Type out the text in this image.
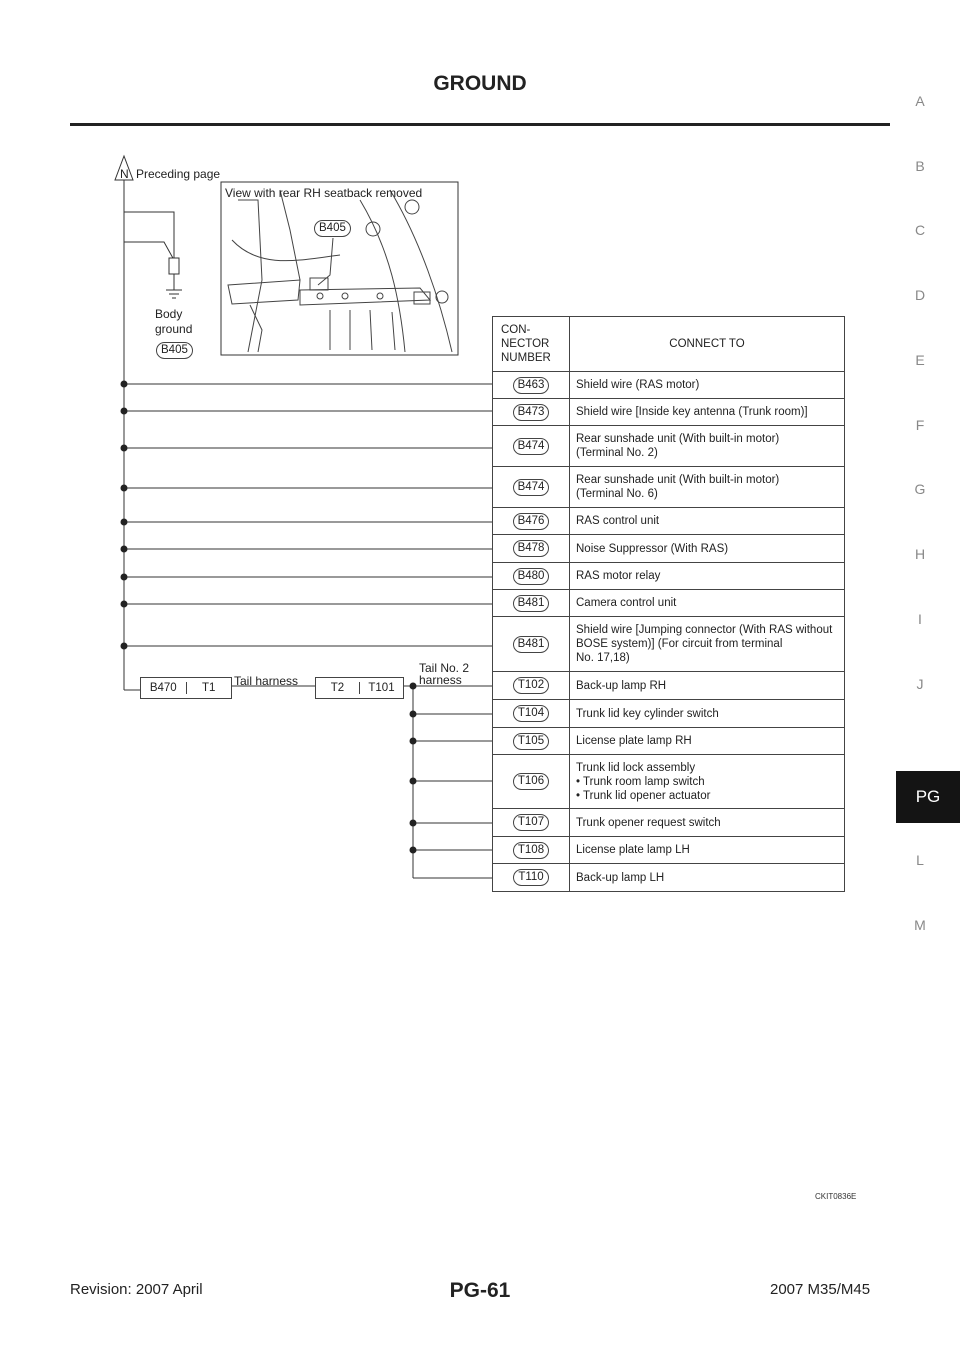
GROUND
A
B
C
D
E
F
G
H
I
J
PG
L
M
N Preceding page
View with rear RH seatback removed
B405
Body
ground
B405
B470	T1	Tail harness	T2	T101
Tail No. 2
harness
CON-
NECTOR
NUMBER	CONNECT TO
B463	Shield wire (RAS motor)
B473	Shield wire [Inside key antenna (Trunk room)]
B474	Rear sunshade unit (With built-in motor)
(Terminal No. 2)

B474	Rear sunshade unit (With built-in motor)
(Terminal No. 6)

B476	RAS control unit
B478	Noise Suppressor (With RAS)
B480	RAS motor relay
B481	Camera control unit
B481	Shield wire [Jumping connector (With RAS without
BOSE system)] (For circuit from terminal
No. 17,18)

T102	Back-up lamp RH
T104	Trunk lid key cylinder switch
T105	License plate lamp RH
T106	Trunk lid lock assembly
• Trunk room lamp switch
• Trunk lid opener actuator

T107	Trunk opener request switch
T108	License plate lamp LH
T110	Back-up lamp LH
CKIT0836E
Revision: 2007 April	PG-61	2007 M35/M45
